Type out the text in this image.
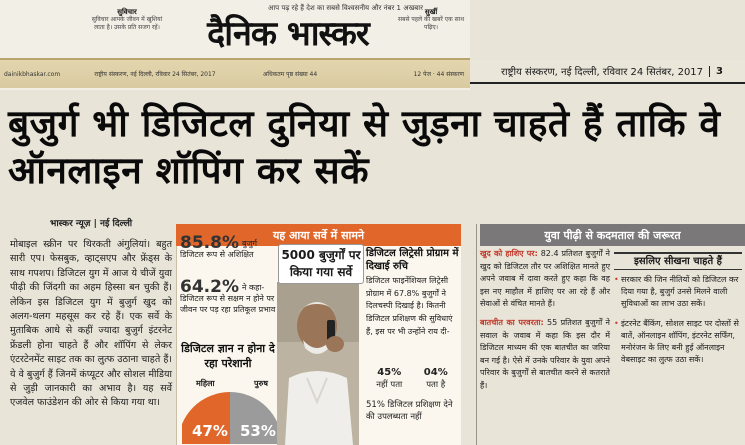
आप पढ़ रहे हैं देश का सबसे विश्वसनीय और नंबर 1 अखबार
सुविचार
सुविचार आपके जीवन में खुशियां लाता है। उसके प्रति सजग रहें। दैनिक भास्कर
सुर्खी
सबसे पहले की खबरें एक साथ पढ़िए।
dainikbhaskar.com	राष्ट्रीय संस्करण, नई दिल्ली, रविवार 24 सितंबर, 2017	अधिकतम पृष्ठ संख्या 44	12 पेज · 44 संस्करण	राष्ट्रीय संस्करण, नई दिल्ली, रविवार 24 सितंबर, 2017	3
बुजुर्ग भी डिजिटल दुनिया से जुड़ना चाहते हैं ताकि वे ऑनलाइन शॉपिंग कर सकें
भास्कर न्यूज़ | नई दिल्ली
मोबाइल स्क्रीन पर थिरकती अंगुलियां। बहुत सारी एप। फेसबुक, व्हाट्सएप और फ्रेंड्स के साथ गपशप। डिजिटल युग में आज ये चीजें युवा पीढ़ी की जिंदगी का अहम हिस्सा बन चुकी हैं। लेकिन इस डिजिटल युग में बुजुर्ग खुद को अलग-थलग महसूस कर रहे हैं। एक सर्वे के मुताबिक आधे से कहीं ज्यादा बुजुर्ग इंटरनेट फ्रेंडली होना चाहते हैं और शॉपिंग से लेकर एंटरटेनमेंट साइट तक का लुत्फ उठाना चाहते हैं। ये वे बुजुर्ग हैं जिनमें कंप्यूटर और सोशल मीडिया से जुड़ी जानकारी का अभाव है। यह सर्वे एजवेल फाउंडेशन की ओर से किया गया था।
यह आया सर्वे में सामने
85.8% बुजुर्ग डिजिटल रूप से अशिक्षित
64.2% ने कहा- डिजिटल रूप से सक्षम न होने पर जीवन पर पड़ रहा प्रतिकूल प्रभाव
डिजिटल ज्ञान न होना दे रहा परेशानी
महिला	पुरुष
47% 53%
5000 बुजुर्गों पर किया गया सर्वे
डिजिटल लिट्रेसी प्रोग्राम में दिखाई रुचि
डिजिटल फाइनेंशियल लिट्रेसी प्रोग्राम में 67.8% बुजुर्गों ने दिलचस्पी दिखाई है। कितनी डिजिटल प्रशिक्षण की सुविधाएं हैं, इस पर भी उन्होंने राय दी-
45%
नहीं पता
04%
पता है
51% डिजिटल प्रशिक्षण देने की उपलब्धता नहीं
युवा पीढ़ी से कदमताल की जरूरत

खुद को हाशिए पर: 82.4 प्रतिशत बुजुर्गों ने खुद को डिजिटल तौर पर अशिक्षित मानते हुए अपने जवाब में दावा करते हुए कहा कि वह इस नए माहौल में हाशिए पर आ रहे हैं और सेवाओं से वंचित मानते हैं।

बातचीत का परवरता: 55 प्रतिशत बुजुर्गों ने सवाल के जवाब में कहा कि इस दौर में डिजिटल माध्यम की एक बातचीत का जरिया बन गई है। ऐसे में उनके परिवार के युवा अपने परिवार के बुजुर्गों से बातचीत करने से कतराते हैं।

इसलिए सीखना चाहते हैं
• सरकार की जिन नीतियों को डिजिटल कर दिया गया है, बुजुर्ग उनसे मिलने वाली सुविधाओं का लाभ उठा सकें।
• इंटरनेट बैंकिंग, सोशल साइट पर दोस्तों से बातें, ऑनलाइन शॉपिंग, इंटरनेट सर्फिंग, मनोरंजन के लिए बनी हुई ऑनलाइन वेबसाइट का लुत्फ उठा सकें।
